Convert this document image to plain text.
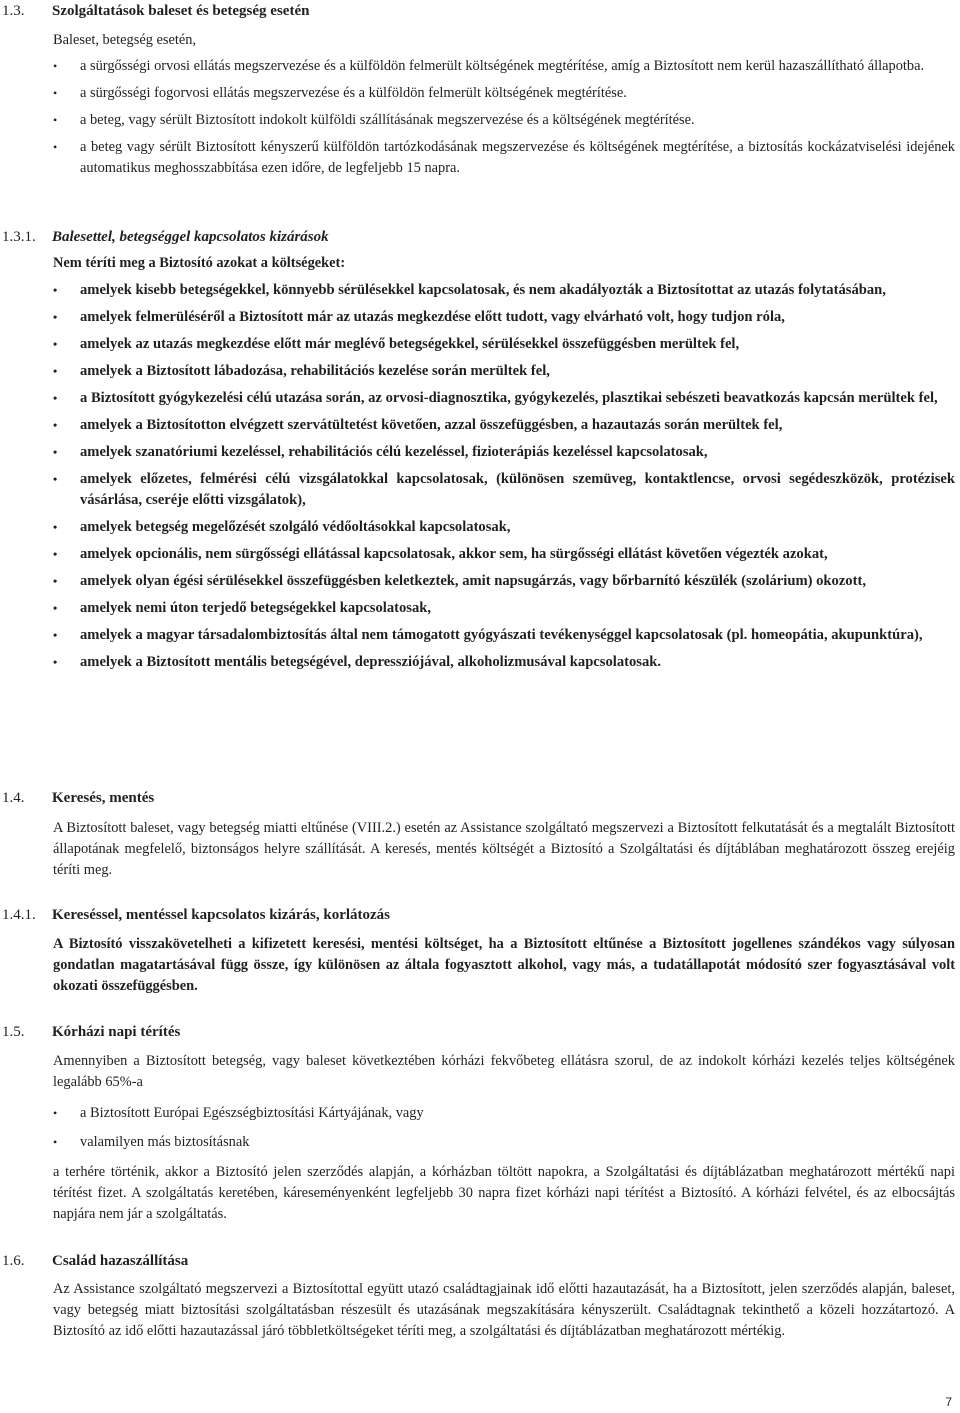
1.3. Szolgáltatások baleset és betegség esetén

Baleset, betegség esetén,

• a sürgősségi orvosi ellátás megszervezése és a külföldön felmerült költségének megtérítése, amíg a Biztosított nem kerül hazaszállítható állapotba.
• a sürgősségi fogorvosi ellátás megszervezése és a külföldön felmerült költségének megtérítése.
• a beteg, vagy sérült Biztosított indokolt külföldi szállításának megszervezése és a költségének megtérítése.
• a beteg vagy sérült Biztosított kényszerű külföldön tartózkodásának megszervezése és költségének megtérítése, a biztosítás kockázatviselési idejének automatikus meghosszabbítása ezen időre, de legfeljebb 15 napra.
1.3.1. Balesettel, betegséggel kapcsolatos kizárások

Nem téríti meg a Biztosító azokat a költségeket:

• amelyek kisebb betegségekkel, könnyebb sérülésekkel kapcsolatosak, és nem akadályozták a Biztosítottat az utazás folytatásában,
• amelyek felmerüléséről a Biztosított már az utazás megkezdése előtt tudott, vagy elvárható volt, hogy tudjon róla,
• amelyek az utazás megkezdése előtt már meglévő betegségekkel, sérülésekkel összefüggésben merültek fel,
• amelyek a Biztosított lábadozása, rehabilitációs kezelése során merültek fel,
• a Biztosított gyógykezelési célú utazása során, az orvosi-diagnosztika, gyógykezelés, plasztikai sebészeti beavatkozás kapcsán merültek fel,
• amelyek a Biztosítotton elvégzett szervátültetést követően, azzal összefüggésben, a hazautazás során merültek fel,
• amelyek szanatóriumi kezeléssel, rehabilitációs célú kezeléssel, fizioterápiás kezeléssel kapcsolatosak,
• amelyek előzetes, felmérési célú vizsgálatokkal kapcsolatosak, (különösen szemüveg, kontaktlencse, orvosi segédeszközök, protézisek vásárlása, cseréje előtti vizsgálatok),
• amelyek betegség megelőzését szolgáló védőoltásokkal kapcsolatosak,
• amelyek opcionális, nem sürgősségi ellátással kapcsolatosak, akkor sem, ha sürgősségi ellátást követően végezték azokat,
• amelyek olyan égési sérülésekkel összefüggésben keletkeztek, amit napsugárzás, vagy bőrbarnító készülék (szolárium) okozott,
• amelyek nemi úton terjedő betegségekkel kapcsolatosak,
• amelyek a magyar társadalombiztosítás által nem támogatott gyógyászati tevékenységgel kapcsolatosak (pl. homeopátia, akupunktúra),
• amelyek a Biztosított mentális betegségével, depressziójával, alkoholizmusával kapcsolatosak.
1.4. Keresés, mentés

A Biztosított baleset, vagy betegség miatti eltűnése (VIII.2.) esetén az Assistance szolgáltató megszervezi a Biztosított felkutatását és a megtalált Biztosított állapotának megfelelő, biztonságos helyre szállítását. A keresés, mentés költségét a Biztosító a Szolgáltatási és díjtáblában meghatározott összeg erejéig téríti meg.

1.4.1. Kereséssel, mentéssel kapcsolatos kizárás, korlátozás

A Biztosító visszakövetelheti a kifizetett keresési, mentési költséget, ha a Biztosított eltűnése a Biztosított jogellenes szándékos vagy súlyosan gondatlan magatartásával függ össze, így különösen az általa fogyasztott alkohol, vagy más, a tudatállapotát módosító szer fogyasztásával volt okozati összefüggésben.

1.5. Kórházi napi térítés

Amennyiben a Biztosított betegség, vagy baleset következtében kórházi fekvőbeteg ellátásra szorul, de az indokolt kórházi kezelés teljes költségének legalább 65%-a

• a Biztosított Európai Egészségbiztosítási Kártyájának, vagy
• valamilyen más biztosításnak

a terhére történik, akkor a Biztosító jelen szerződés alapján, a kórházban töltött napokra, a Szolgáltatási és díjtáblázatban meghatározott mértékű napi térítést fizet. A szolgáltatás keretében, káreseményenként legfeljebb 30 napra fizet kórházi napi térítést a Biztosító. A kórházi felvétel, és az elbocsájtás napjára nem jár a szolgáltatás.

1.6. Család hazaszállítása

Az Assistance szolgáltató megszervezi a Biztosítottal együtt utazó családtagjainak idő előtti hazautazását, ha a Biztosított, jelen szerződés alapján, baleset, vagy betegség miatt biztosítási szolgáltatásban részesült és utazásának megszakítására kényszerült. Családtagnak tekinthető a közeli hozzátartozó. A Biztosító az idő előtti hazautazással járó többletköltségeket téríti meg, a szolgáltatási és díjtáblázatban meghatározott mértékig.

7
